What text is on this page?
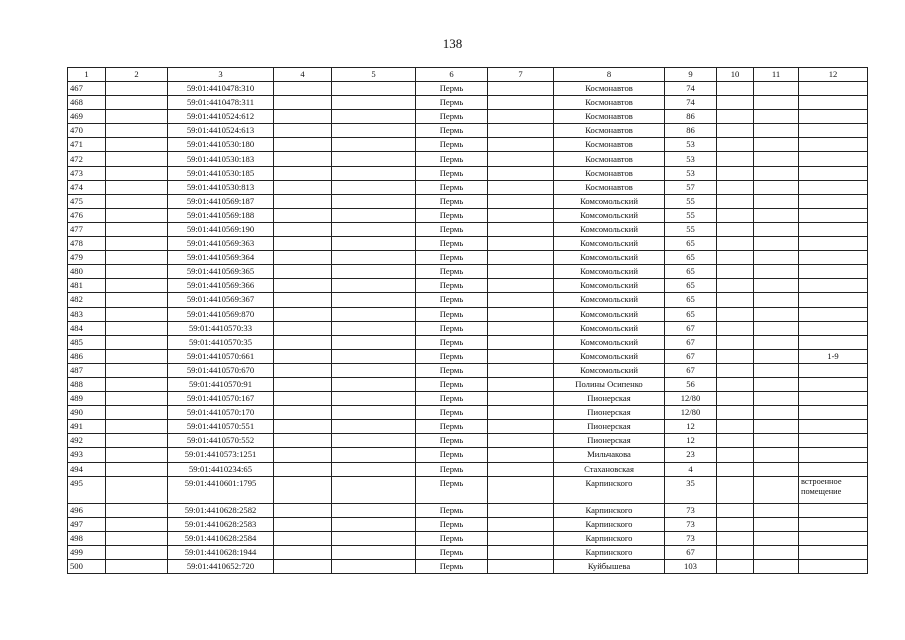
138
1	2	3	4	5	6	7	8	9	10	11	12
467		59:01:4410478:310			Пермь		Космонавтов	74			
468		59:01:4410478:311			Пермь		Космонавтов	74			
469		59:01:4410524:612			Пермь		Космонавтов	86			
470		59:01:4410524:613			Пермь		Космонавтов	86			
471		59:01:4410530:180			Пермь		Космонавтов	53			
472		59:01:4410530:183			Пермь		Космонавтов	53			
473		59:01:4410530:185			Пермь		Космонавтов	53			
474		59:01:4410530:813			Пермь		Космонавтов	57			
475		59:01:4410569:187			Пермь		Комсомольский	55			
476		59:01:4410569:188			Пермь		Комсомольский	55			
477		59:01:4410569:190			Пермь		Комсомольский	55			
478		59:01:4410569:363			Пермь		Комсомольский	65			
479		59:01:4410569:364			Пермь		Комсомольский	65			
480		59:01:4410569:365			Пермь		Комсомольский	65			
481		59:01:4410569:366			Пермь		Комсомольский	65			
482		59:01:4410569:367			Пермь		Комсомольский	65			
483		59:01:4410569:870			Пермь		Комсомольский	65			
484		59:01:4410570:33			Пермь		Комсомольский	67			
485		59:01:4410570:35			Пермь		Комсомольский	67			
486		59:01:4410570:661			Пермь		Комсомольский	67			1-9
487		59:01:4410570:670			Пермь		Комсомольский	67			
488		59:01:4410570:91			Пермь		Полины Осипенко	56			
489		59:01:4410570:167			Пермь		Пионерская	12/80			
490		59:01:4410570:170			Пермь		Пионерская	12/80			
491		59:01:4410570:551			Пермь		Пионерская	12			
492		59:01:4410570:552			Пермь		Пионерская	12			
493		59:01:4410573:1251			Пермь		Мильчакова	23			
494		59:01:4410234:65			Пермь		Стахановская	4			
495		59:01:4410601:1795			Пермь		Карпинского	35			встроенное помещение
496		59:01:4410628:2582			Пермь		Карпинского	73			
497		59:01:4410628:2583			Пермь		Карпинского	73			
498		59:01:4410628:2584			Пермь		Карпинского	73			
499		59:01:4410628:1944			Пермь		Карпинского	67			
500		59:01:4410652:720			Пермь		Куйбышева	103			
